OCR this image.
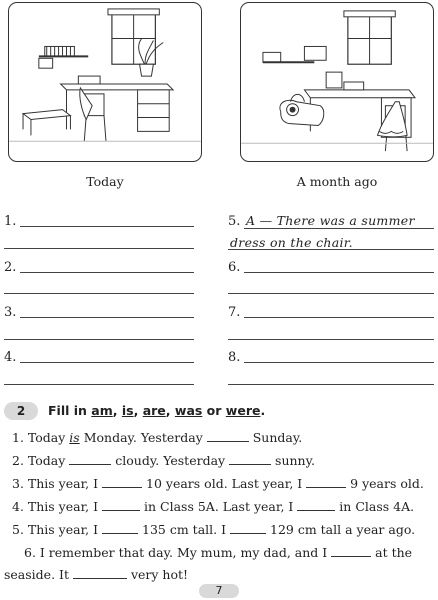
Today	A month ago
1.
2.
3.
4.
5. A — There was a summer
dress on the chair.
6.
7.
8.
2	Fill in am, is, are, was or were.
1. Today is Monday. Yesterday	Sunday.
2. Today	cloudy. Yesterday	sunny.
3. This year, I	10 years old. Last year, I	9 years old.
4. This year, I	in Class 5A. Last year, I	in Class 4A.
5. This year, I	135 cm tall. I	129 cm tall a year ago.
6. I remember that day. My mum, my dad, and I	at the
seaside. It	very hot!
7
